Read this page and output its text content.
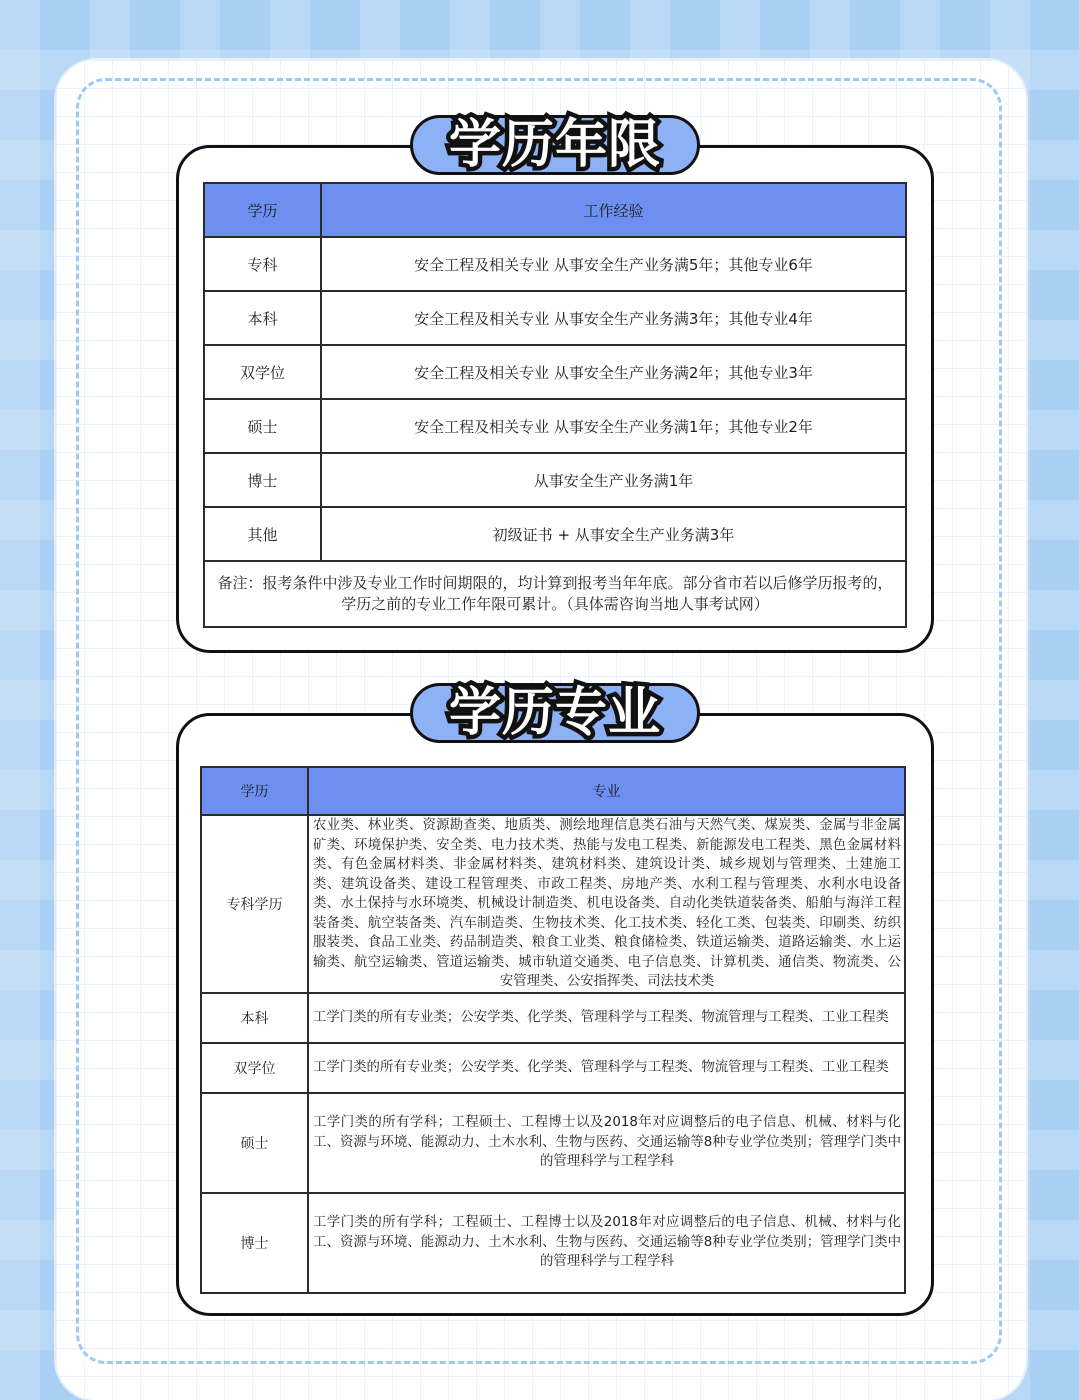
学历年限
学历	工作经验
专科	安全工程及相关专业 从事安全生产业务满5年；其他专业6年
本科	安全工程及相关专业 从事安全生产业务满3年；其他专业4年
双学位	安全工程及相关专业 从事安全生产业务满2年；其他专业3年
硕士	安全工程及相关专业 从事安全生产业务满1年；其他专业2年
博士	从事安全生产业务满1年
其他	初级证书 + 从事安全生产业务满3年

备注：报考条件中涉及专业工作时间期限的，均计算到报考当年年底。部分省市若以后修学历报考的，
学历之前的专业工作年限可累计。（具体需咨询当地人事考试网）	
学历专业
学历	专业
专科学历	农业类、林业类、资源勘查类、地质类、测绘地理信息类石油与天然气类、煤炭类、金属与非金属矿类、环境保护类、安全类、电力技术类、热能与发电工程类、新能源发电工程类、黑色金属材料类、有色金属材料类、非金属材料类、建筑材料类、建筑设计类、城乡规划与管理类、土建施工类、建筑设备类、建设工程管理类、市政工程类、房地产类、水利工程与管理类、水利水电设备类、水土保持与水环境类、机械设计制造类、机电设备类、自动化类铁道装备类、船舶与海洋工程装备类、航空装备类、汽车制造类、生物技术类、化工技术类、轻化工类、包装类、印刷类、纺织服装类、食品工业类、药品制造类、粮食工业类、粮食储检类、铁道运输类、道路运输类、水上运输类、航空运输类、管道运输类、城市轨道交通类、电子信息类、计算机类、通信类、物流类、公安管理类、公安指挥类、司法技术类
本科	工学门类的所有专业类；公安学类、化学类、管理科学与工程类、物流管理与工程类、工业工程类
双学位	工学门类的所有专业类；公安学类、化学类、管理科学与工程类、物流管理与工程类、工业工程类
硕士	工学门类的所有学科；工程硕士、工程博士以及2018年对应调整后的电子信息、机械、材料与化工、资源与环境、能源动力、土木水利、生物与医药、交通运输等8种专业学位类别；管理学门类中的管理科学与工程学科
博士	工学门类的所有学科；工程硕士、工程博士以及2018年对应调整后的电子信息、机械、材料与化工、资源与环境、能源动力、土木水利、生物与医药、交通运输等8种专业学位类别；管理学门类中的管理科学与工程学科
